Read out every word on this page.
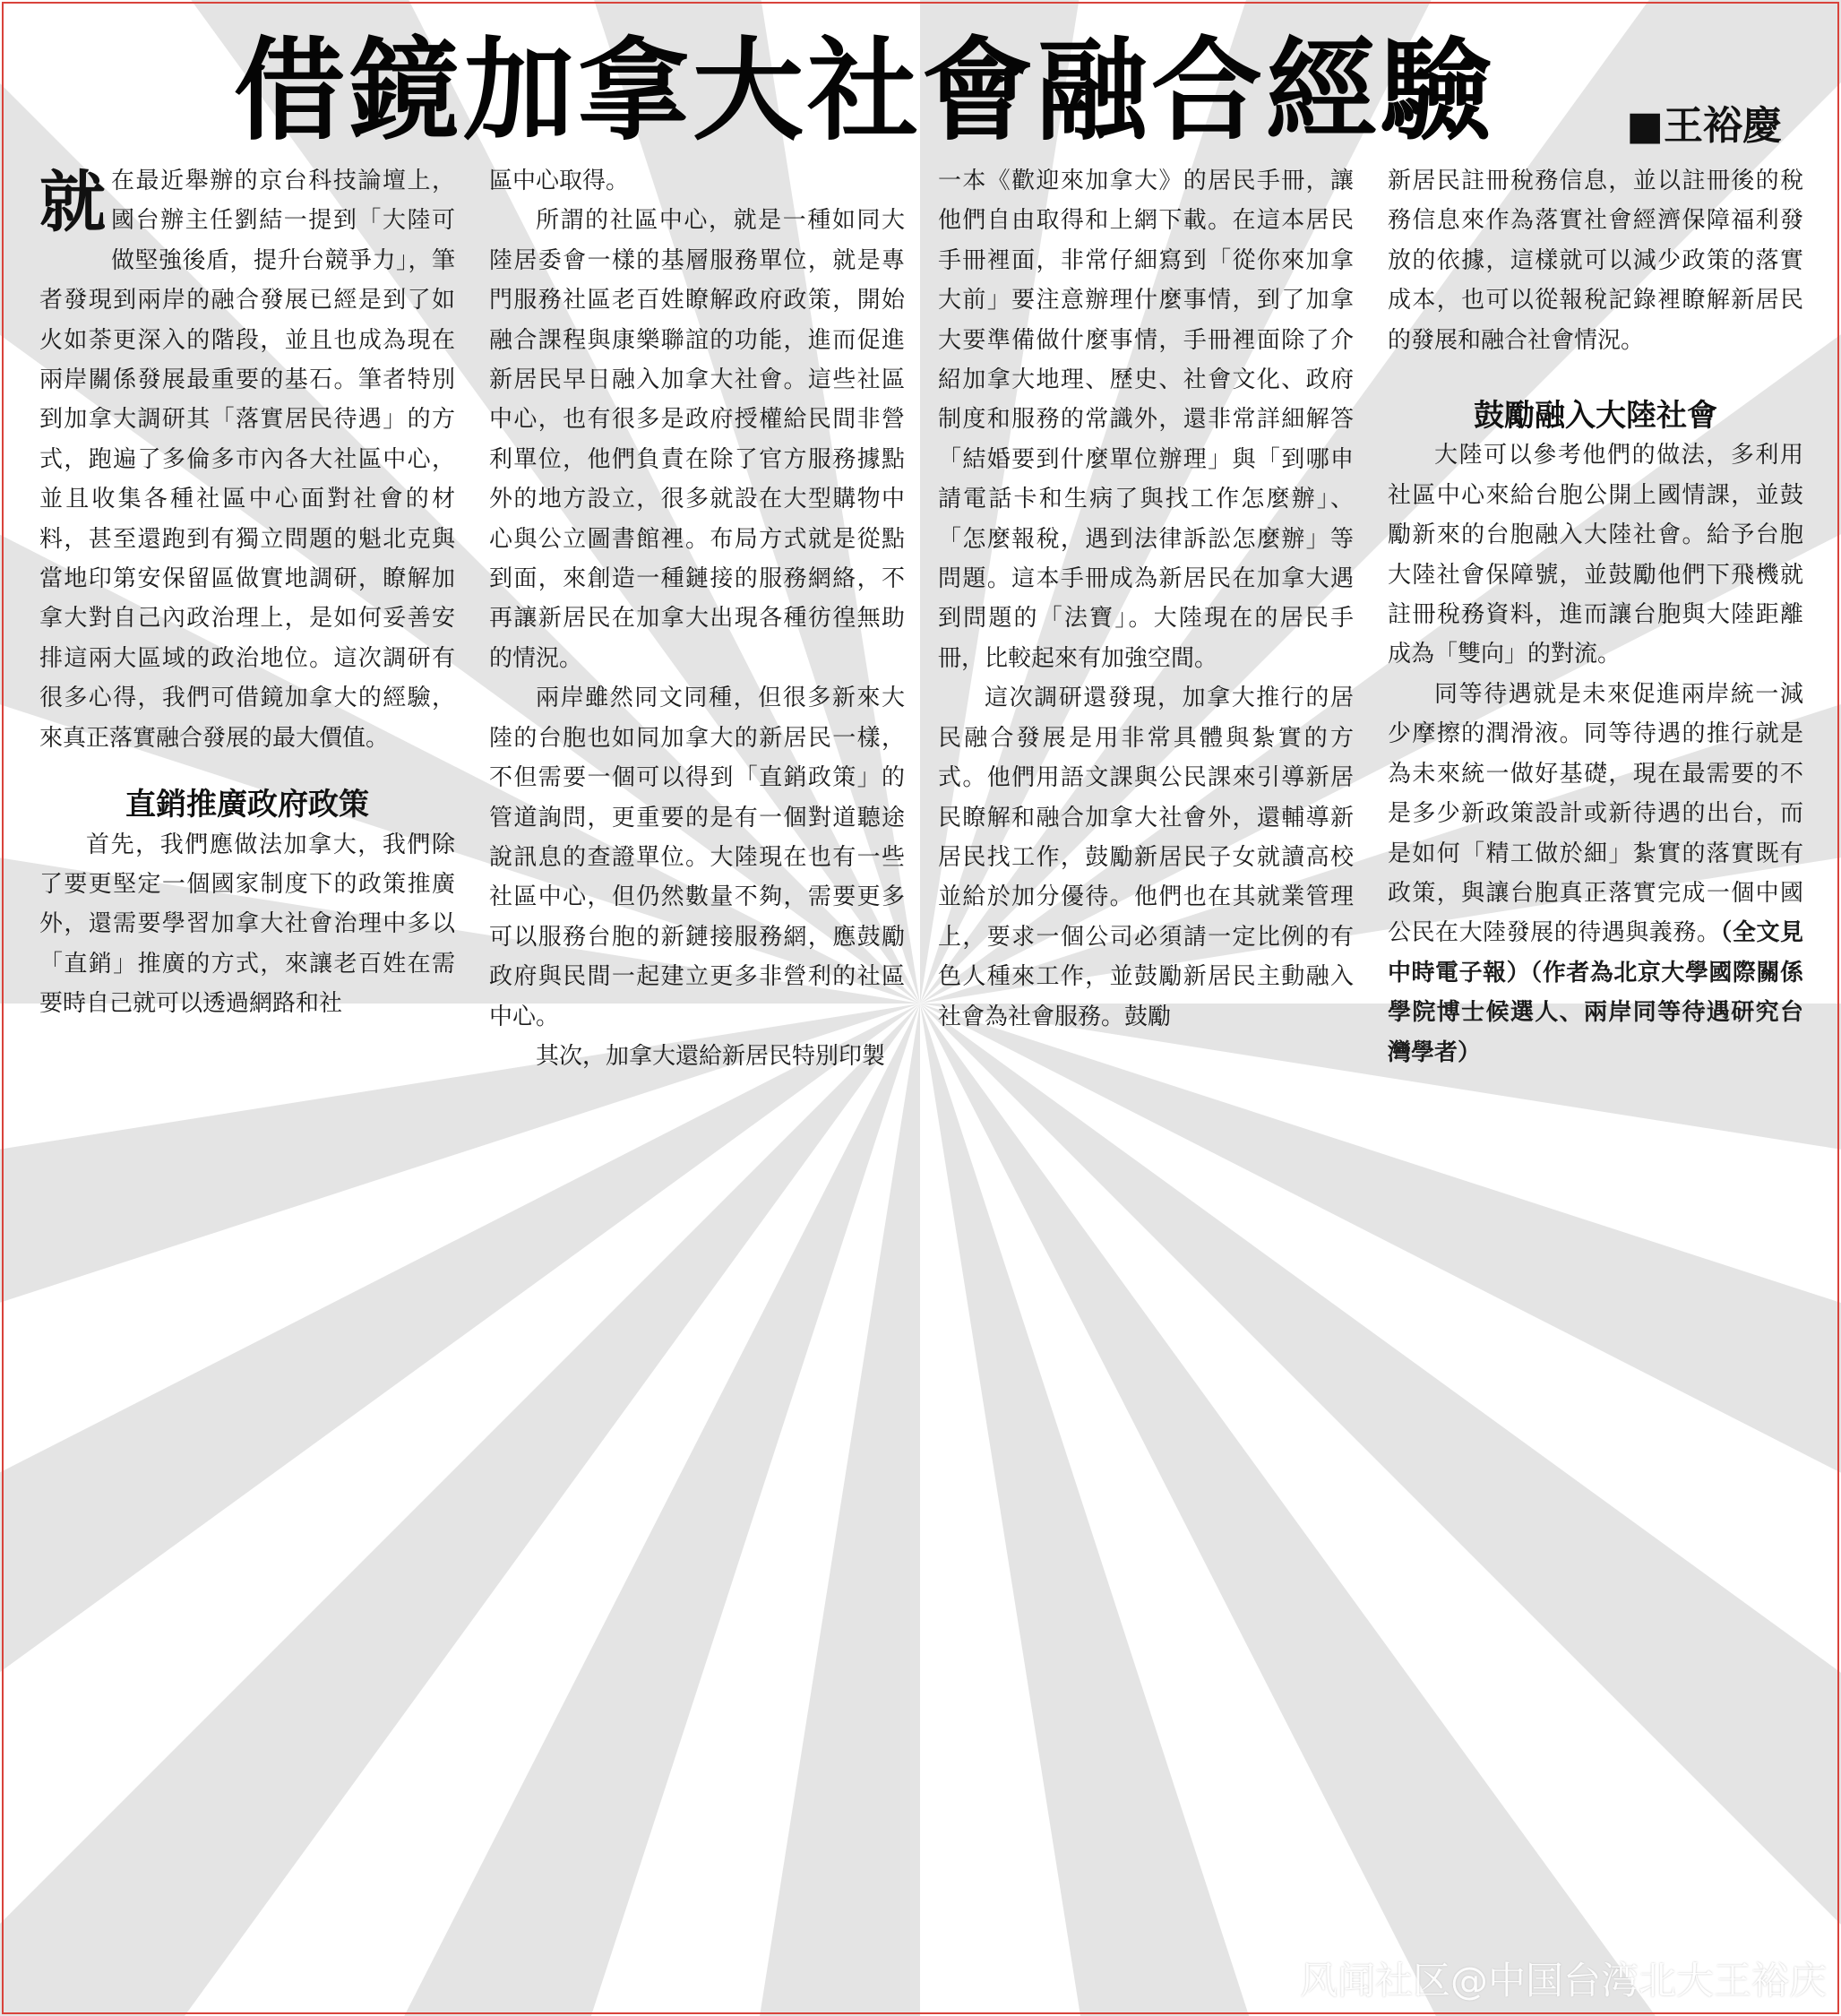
借鏡加拿大社會融合經驗	■王裕慶

就在最近舉辦的京台科技論壇上，國台辦主任劉結一提到「大陸可做堅強後盾，提升台競爭力」，筆者發現到兩岸的融合發展已經是到了如火如荼更深入的階段，並且也成為現在兩岸關係發展最重要的基石。筆者特別到加拿大調研其「落實居民待遇」的方式，跑遍了多倫多市內各大社區中心，並且收集各種社區中心面對社會的材料，甚至還跑到有獨立問題的魁北克與當地印第安保留區做實地調研，瞭解加拿大對自己內政治理上，是如何妥善安排這兩大區域的政治地位。這次調研有很多心得，我們可借鏡加拿大的經驗，來真正落實融合發展的最大價值。

直銷推廣政府政策

首先，我們應做法加拿大，我們除了要更堅定一個國家制度下的政策推廣外，還需要學習加拿大社會治理中多以「直銷」推廣的方式，來讓老百姓在需要時自己就可以透過網路和社

區中心取得。

所謂的社區中心，就是一種如同大陸居委會一樣的基層服務單位，就是專門服務社區老百姓瞭解政府政策，開始融合課程與康樂聯誼的功能，進而促進新居民早日融入加拿大社會。這些社區中心，也有很多是政府授權給民間非營利單位，他們負責在除了官方服務據點外的地方設立，很多就設在大型購物中心與公立圖書館裡。布局方式就是從點到面，來創造一種鏈接的服務網絡，不再讓新居民在加拿大出現各種彷徨無助的情況。

兩岸雖然同文同種，但很多新來大陸的台胞也如同加拿大的新居民一樣，不但需要一個可以得到「直銷政策」的管道詢問，更重要的是有一個對道聽途說訊息的查證單位。大陸現在也有一些社區中心，但仍然數量不夠，需要更多可以服務台胞的新鏈接服務網，應鼓勵政府與民間一起建立更多非營利的社區中心。

其次，加拿大還給新居民特別印製

一本《歡迎來加拿大》的居民手冊，讓他們自由取得和上網下載。在這本居民手冊裡面，非常仔細寫到「從你來加拿大前」要注意辦理什麼事情，到了加拿大要準備做什麼事情，手冊裡面除了介紹加拿大地理、歷史、社會文化、政府制度和服務的常識外，還非常詳細解答「結婚要到什麼單位辦理」與「到哪申請電話卡和生病了與找工作怎麼辦」、「怎麼報稅，遇到法律訴訟怎麼辦」等問題。這本手冊成為新居民在加拿大遇到問題的「法寶」。大陸現在的居民手冊，比較起來有加強空間。

這次調研還發現，加拿大推行的居民融合發展是用非常具體與紮實的方式。他們用語文課與公民課來引導新居民瞭解和融合加拿大社會外，還輔導新居民找工作，鼓勵新居民子女就讀高校並給於加分優待。他們也在其就業管理上，要求一個公司必須請一定比例的有色人種來工作，並鼓勵新居民主動融入社會為社會服務。鼓勵

新居民註冊稅務信息，並以註冊後的稅務信息來作為落實社會經濟保障福利發放的依據，這樣就可以減少政策的落實成本，也可以從報稅記錄裡瞭解新居民的發展和融合社會情況。

鼓勵融入大陸社會

大陸可以參考他們的做法，多利用社區中心來給台胞公開上國情課，並鼓勵新來的台胞融入大陸社會。給予台胞大陸社會保障號，並鼓勵他們下飛機就註冊稅務資料，進而讓台胞與大陸距離成為「雙向」的對流。

同等待遇就是未來促進兩岸統一減少摩擦的潤滑液。同等待遇的推行就是為未來統一做好基礎，現在最需要的不是多少新政策設計或新待遇的出台，而是如何「精工做於細」紮實的落實既有政策，與讓台胞真正落實完成一個中國公民在大陸發展的待遇與義務。（全文見中時電子報）（作者為北京大學國際關係學院博士候選人、兩岸同等待遇研究台灣學者）

风闻社区@中国台湾北大王裕庆
